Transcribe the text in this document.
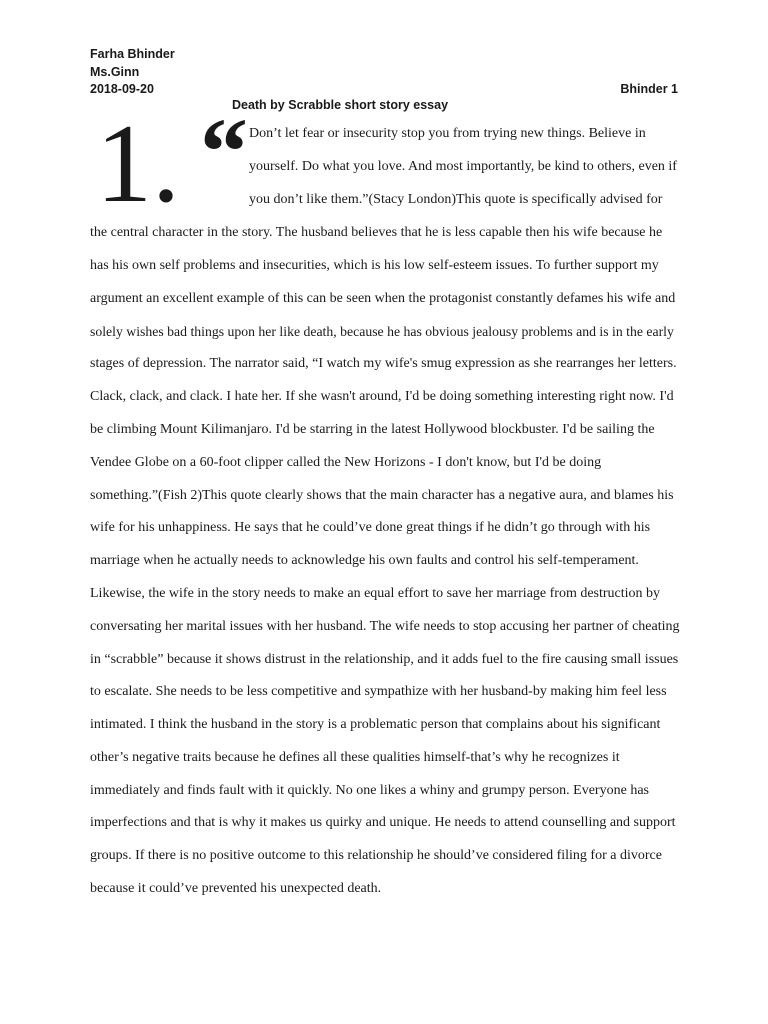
Farha Bhinder
Ms.Ginn
2018-09-20	Bhinder 1
Death by Scrabble short story essay
1. “ Don’t let fear or insecurity stop you from trying new things. Believe in
yourself. Do what you love. And most importantly, be kind to others, even if
you don’t like them.”(Stacy London)This quote is specifically advised for
the central character in the story. The husband believes that he is less capable then his wife because he
has his own self problems and insecurities, which is his low self-esteem issues. To further support my
argument an excellent example of this can be seen when the protagonist constantly defames his wife and
solely wishes bad things upon her like death, because he has obvious jealousy problems and is in the early
stages of depression. The narrator said, “I watch my wife's smug expression as she rearranges her letters.
Clack, clack, and clack. I hate her. If she wasn't around, I'd be doing something interesting right now. I'd
be climbing Mount Kilimanjaro. I'd be starring in the latest Hollywood blockbuster. I'd be sailing the
Vendee Globe on a 60-foot clipper called the New Horizons - I don't know, but I'd be doing
something.”(Fish 2)This quote clearly shows that the main character has a negative aura, and blames his
wife for his unhappiness. He says that he could’ve done great things if he didn’t go through with his
marriage when he actually needs to acknowledge his own faults and control his self-temperament.
Likewise, the wife in the story needs to make an equal effort to save her marriage from destruction by
conversating her marital issues with her husband. The wife needs to stop accusing her partner of cheating
in “scrabble” because it shows distrust in the relationship, and it adds fuel to the fire causing small issues
to escalate. She needs to be less competitive and sympathize with her husband-by making him feel less
intimated. I think the husband in the story is a problematic person that complains about his significant
other’s negative traits because he defines all these qualities himself-that’s why he recognizes it
immediately and finds fault with it quickly. No one likes a whiny and grumpy person. Everyone has
imperfections and that is why it makes us quirky and unique. He needs to attend counselling and support
groups. If there is no positive outcome to this relationship he should’ve considered filing for a divorce
because it could’ve prevented his unexpected death.
